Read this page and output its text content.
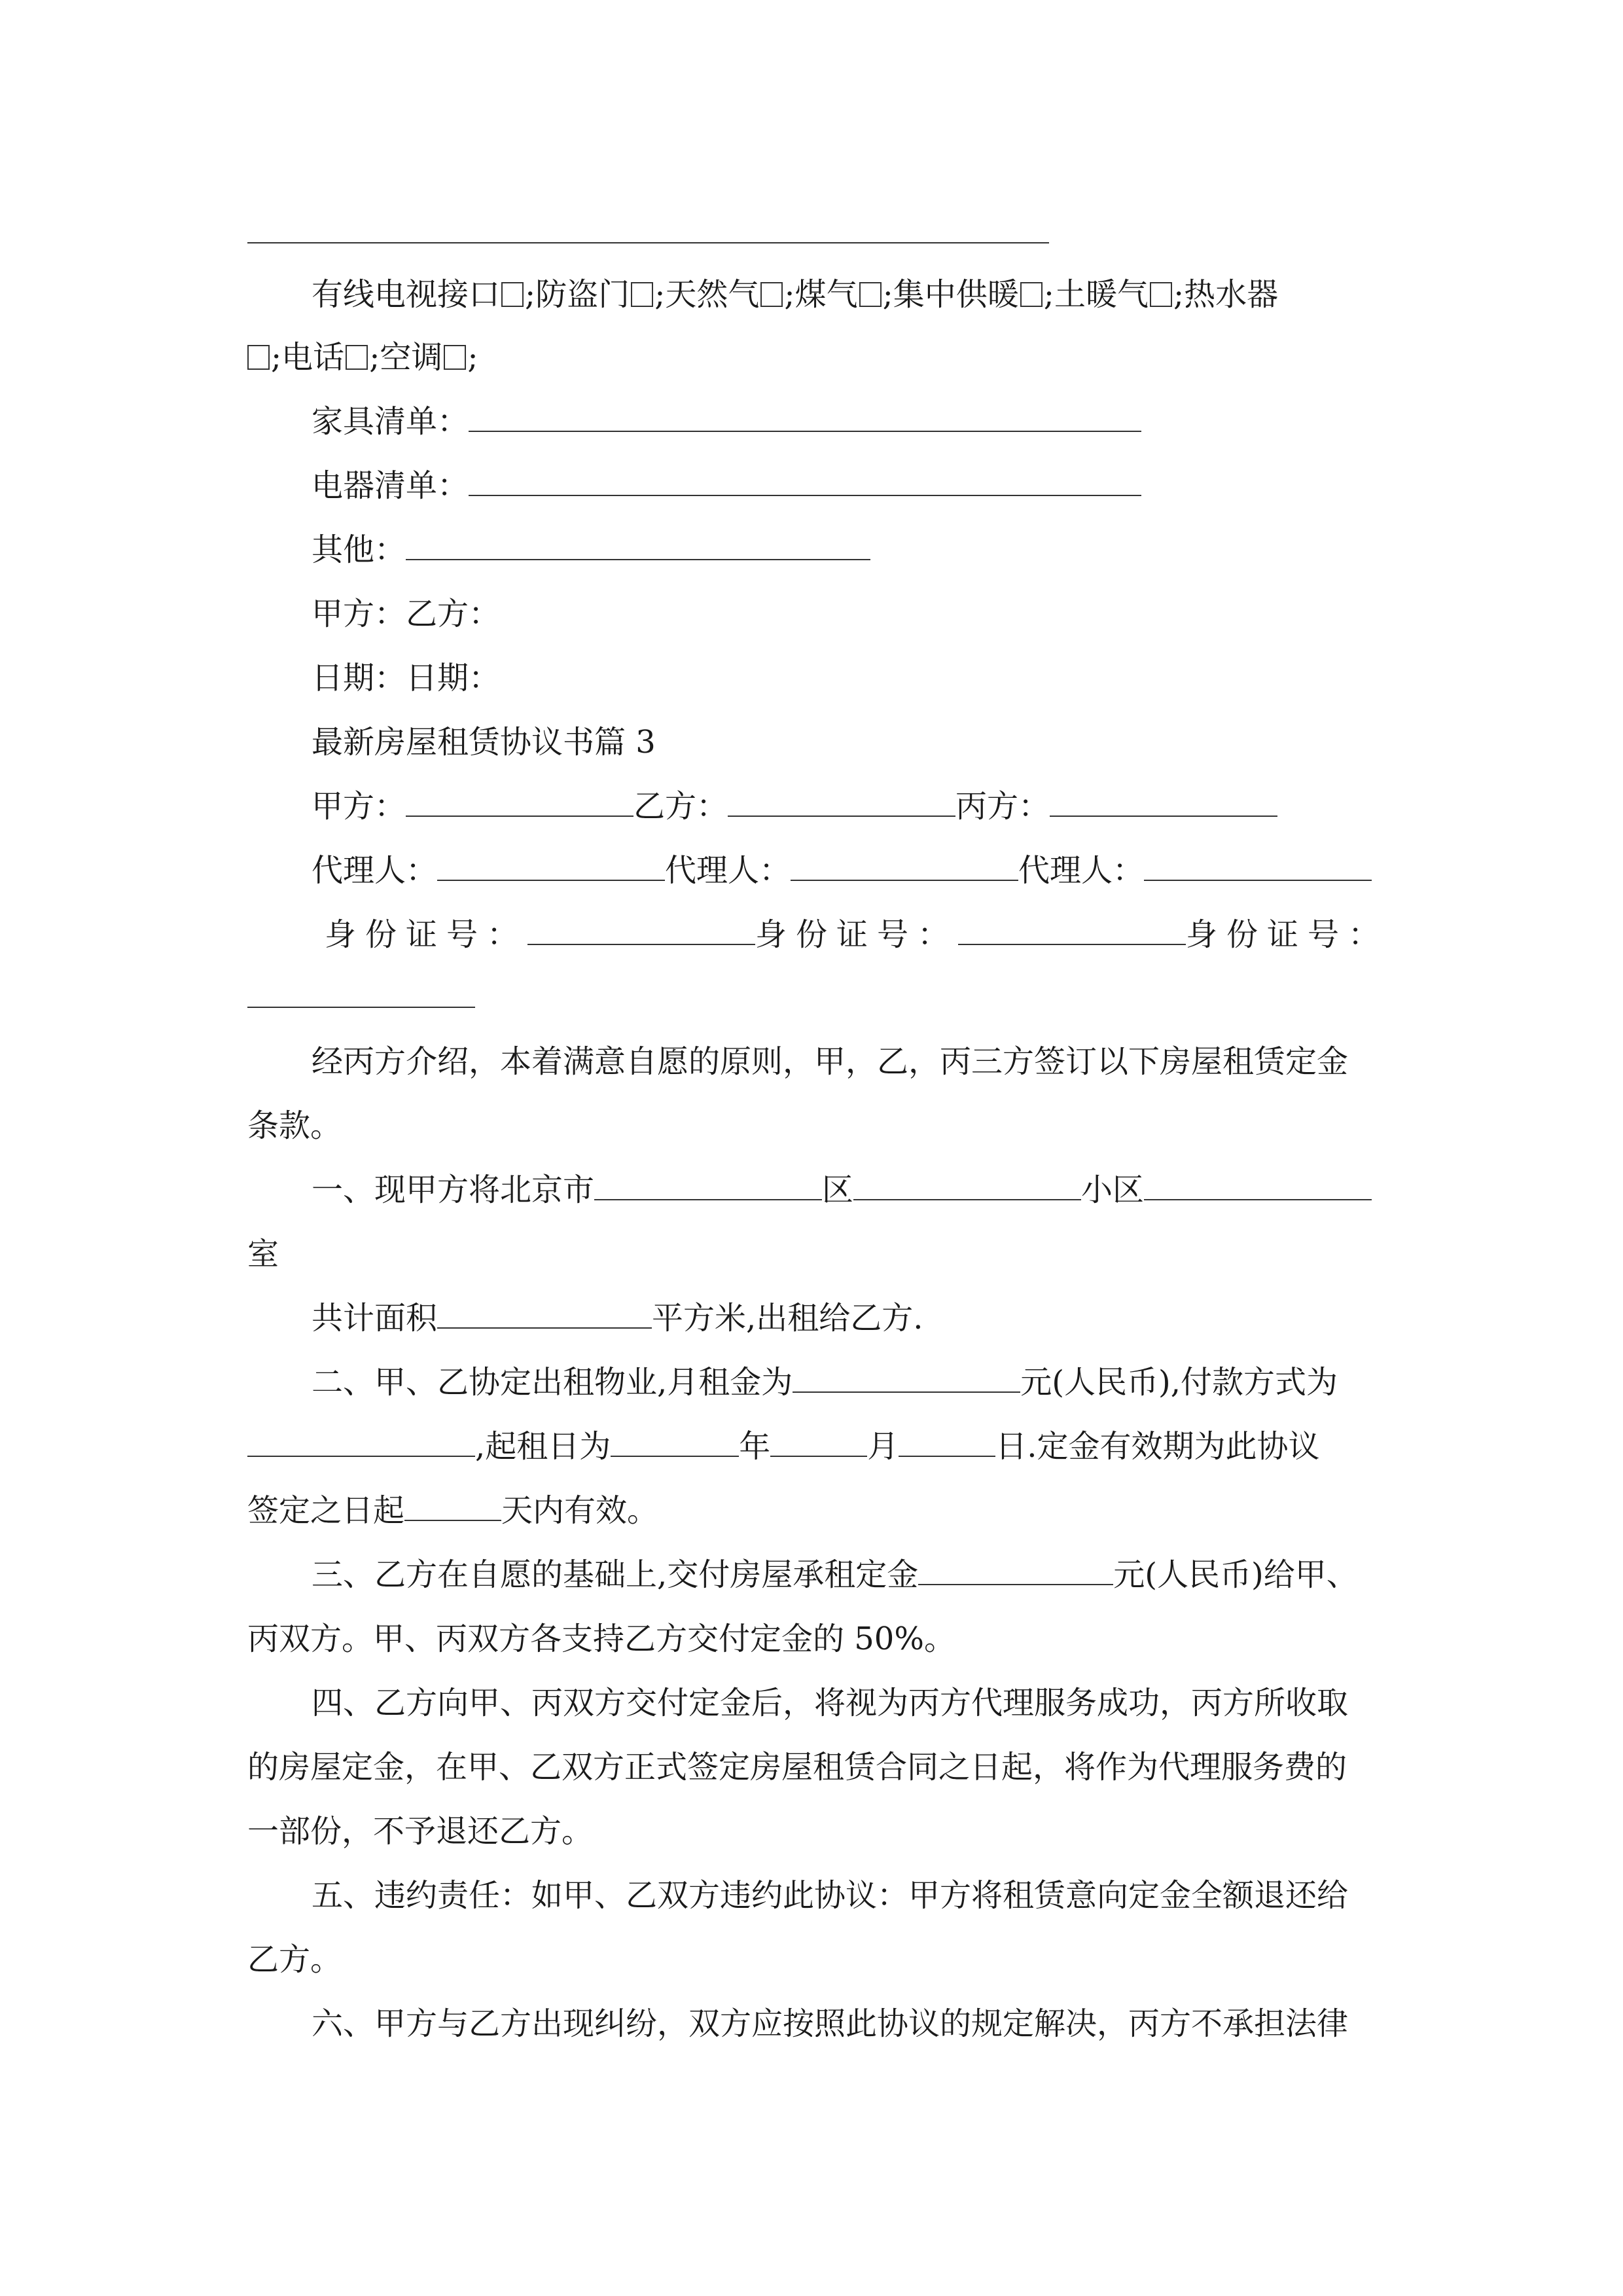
有线电视接口 ;防盗门 ;天然气 ;煤气 ;集中供暖 ;土暖气 ;热水器
;电话 ;空调 ;
家具清单：
电器清单：
其他：
甲方：乙方：
日期：日期：
最新房屋租赁协议书篇 3
甲方：	乙方：	丙方：
代理人：	代理人：	代理人：
身份证号：	身份证号：	身份证号：
经丙方介绍，本着满意自愿的原则，甲，乙，丙三方签订以下房屋租赁定金
条款。
一、现甲方将北京市	区	小区
室
共计面积	平方米,出租给乙方.
二、甲、乙协定出租物业,月租金为	元(人民币),付款方式为
,起租日为	年	月	日.定金有效期为此协议
签定之日起	天内有效。
三、乙方在自愿的基础上,交付房屋承租定金	元(人民币)给甲、
丙双方。甲、丙双方各支持乙方交付定金的 50%。
四、乙方向甲、丙双方交付定金后，将视为丙方代理服务成功，丙方所收取
的房屋定金，在甲、乙双方正式签定房屋租赁合同之日起，将作为代理服务费的
一部份，不予退还乙方。
五、违约责任：如甲、乙双方违约此协议：甲方将租赁意向定金全额退还给
乙方。
六、甲方与乙方出现纠纷，双方应按照此协议的规定解决，丙方不承担法律
